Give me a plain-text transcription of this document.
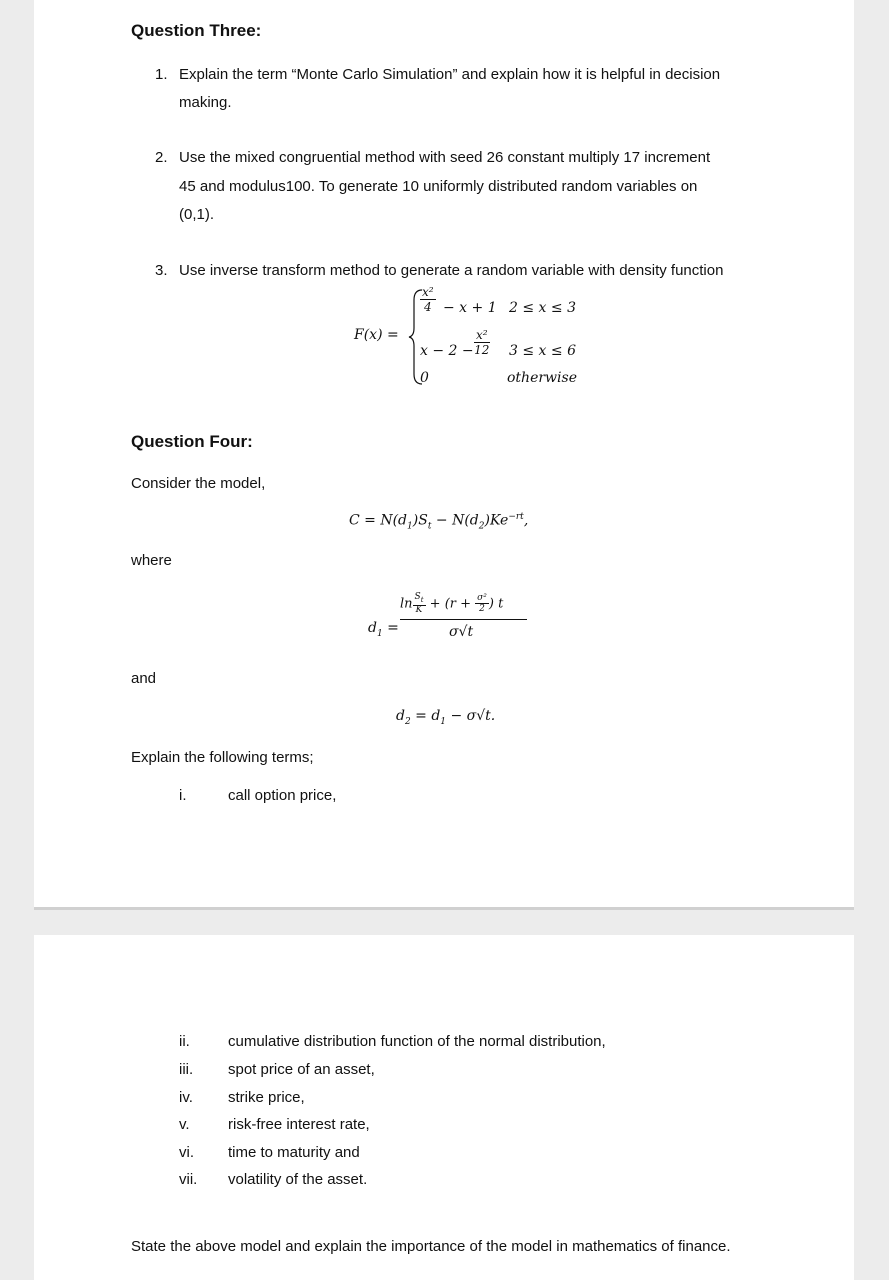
Question Three:
1. Explain the term “Monte Carlo Simulation” and explain how it is helpful in decision
making.
2. Use the mixed congruential method with seed 26 constant multiply 17 increment
45 and modulus100. To generate 10 uniformly distributed random variables on
(0,1).
3. Use inverse transform method to generate a random variable with density function
F(x) =
$\frac{\text{x²}}{4} - x + 1$ 2 ≤ x ≤ 3
$x - 2 - \frac{\text{x²}}{12} 3 \le x \le 6$
0	otherwise
Question Four:
Consider the model,
$C = N(d_1)S_t - N(d_2)Ke^{-rt}$,
where
$d_1$ =
$\ln \frac{S_t}{K} + (r + \frac{\text{σ²}}{2}$ ) t
σ√t
and
$d_2 = d_1 - \sigma√t$.
Explain the following terms;
i.	call option price,
ii.	cumulative distribution function of the normal distribution,
iii.	spot price of an asset,
iv.	strike price,
v.	risk-free interest rate,
vi.	time to maturity and
vii.	volatility of the asset.
State the above model and explain the importance of the model in mathematics of finance.
